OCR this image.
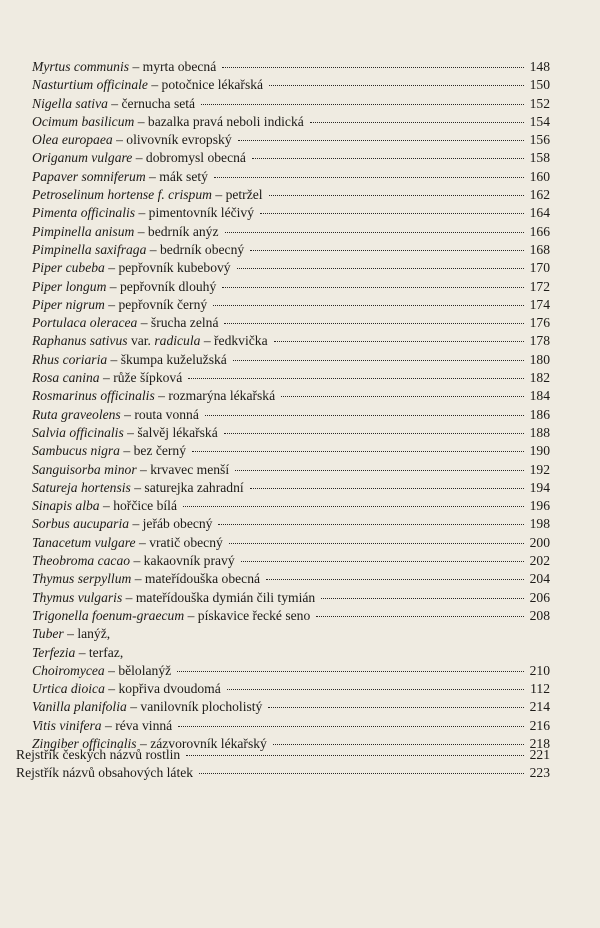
Myrtus communis – myrta obecná	148
Nasturtium officinale – potočnice lékařská	150
Nigella sativa – černucha setá	152
Ocimum basilicum – bazalka pravá neboli indická	154
Olea europaea – olivovník evropský	156
Origanum vulgare – dobromysl obecná	158
Papaver somniferum – mák setý	160
Petroselinum hortense f. crispum – petržel	162
Pimenta officinalis – pimentovník léčivý	164
Pimpinella anisum – bedrník anýz	166
Pimpinella saxifraga – bedrník obecný	168
Piper cubeba – pepřovník kubebový	170
Piper longum – pepřovník dlouhý	172
Piper nigrum – pepřovník černý	174
Portulaca oleracea – šrucha zelná	176
Raphanus sativus var. radicula – ředkvička	178
Rhus coriaria – škumpa kuželužská	180
Rosa canina – růže šípková	182
Rosmarinus officinalis – rozmarýna lékařská	184
Ruta graveolens – routa vonná	186
Salvia officinalis – šalvěj lékařská	188
Sambucus nigra – bez černý	190
Sanguisorba minor – krvavec menší	192
Satureja hortensis – saturejka zahradní	194
Sinapis alba – hořčice bílá	196
Sorbus aucuparia – jeřáb obecný	198
Tanacetum vulgare – vratič obecný	200
Theobroma cacao – kakaovník pravý	202
Thymus serpyllum – mateřídouška obecná	204
Thymus vulgaris – mateřídouška dymián čili tymián	206
Trigonella foenum-graecum – pískavice řecké seno	208
Tuber – lanýž,
Terfezia – terfaz,
Choiromycea – bělolanýž	210
Urtica dioica – kopřiva dvoudomá	112
Vanilla planifolia – vanilovník plocholistý	214
Vitis vinifera – réva vinná	216
Zingiber officinalis – zázvorovník lékařský	218
Rejstřík českých názvů rostlin	221
Rejstřík názvů obsahových látek	223
